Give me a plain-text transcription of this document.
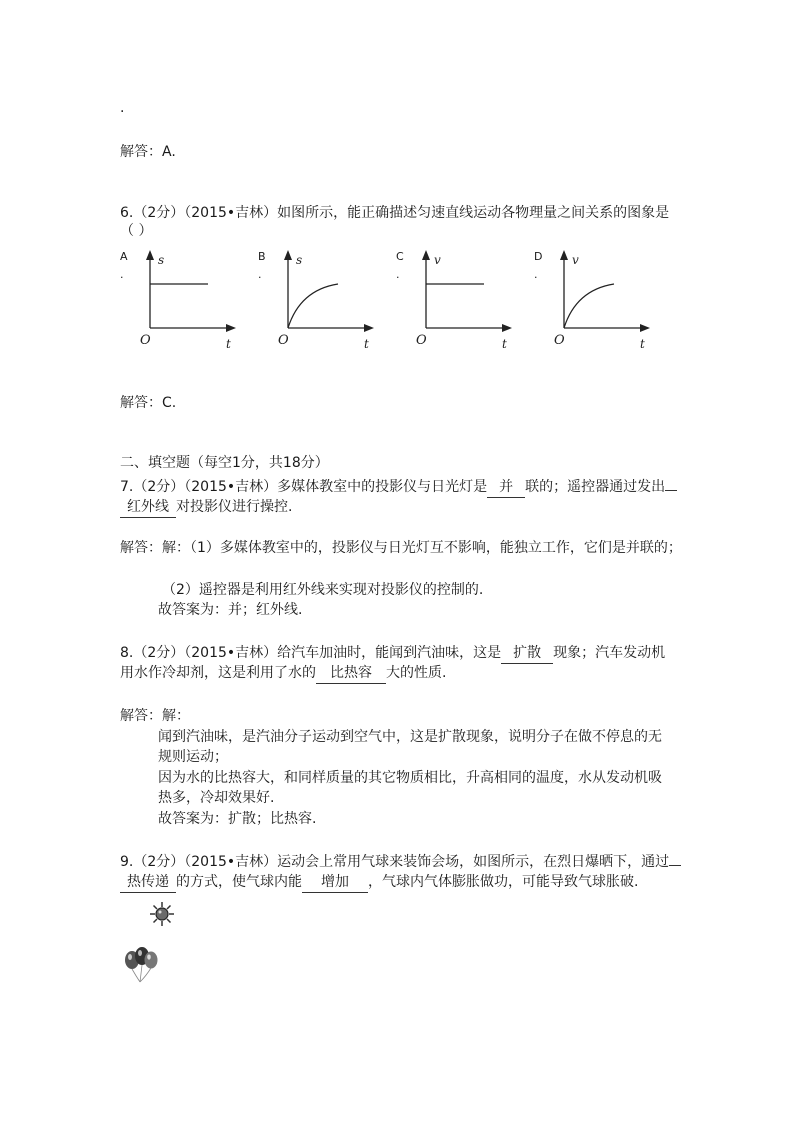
.
解答：A.
6.（2分）（2015•吉林）如图所示，能正确描述匀速直线运动各物理量之间关系的图象是
（ ）
A
.
s
t
O
B
.
s
t
O
C
.
v
t
O
D
.
v
t
O
解答：C.
二、填空题（每空1分，共18分）
7.（2分）（2015•吉林）多媒体教室中的投影仪与日光灯是 并 联的；遥控器通过发出
红外线 对投影仪进行操控.
解答：解：（1）多媒体教室中的，投影仪与日光灯互不影响，能独立工作，它们是并联的；
（2）遥控器是利用红外线来实现对投影仪的控制的.
故答案为：并；红外线.
8.（2分）（2015•吉林）给汽车加油时，能闻到汽油味，这是 扩散 现象；汽车发动机
用水作冷却剂，这是利用了水的 比热容 大的性质.
解答：解：
闻到汽油味，是汽油分子运动到空气中，这是扩散现象，说明分子在做不停息的无
规则运动；
因为水的比热容大，和同样质量的其它物质相比，升高相同的温度，水从发动机吸
热多，冷却效果好.
故答案为：扩散；比热容.
9.（2分）（2015•吉林）运动会上常用气球来装饰会场，如图所示，在烈日爆晒下，通过
热传递 的方式，使气球内能 增加 ，气球内气体膨胀做功，可能导致气球胀破.
